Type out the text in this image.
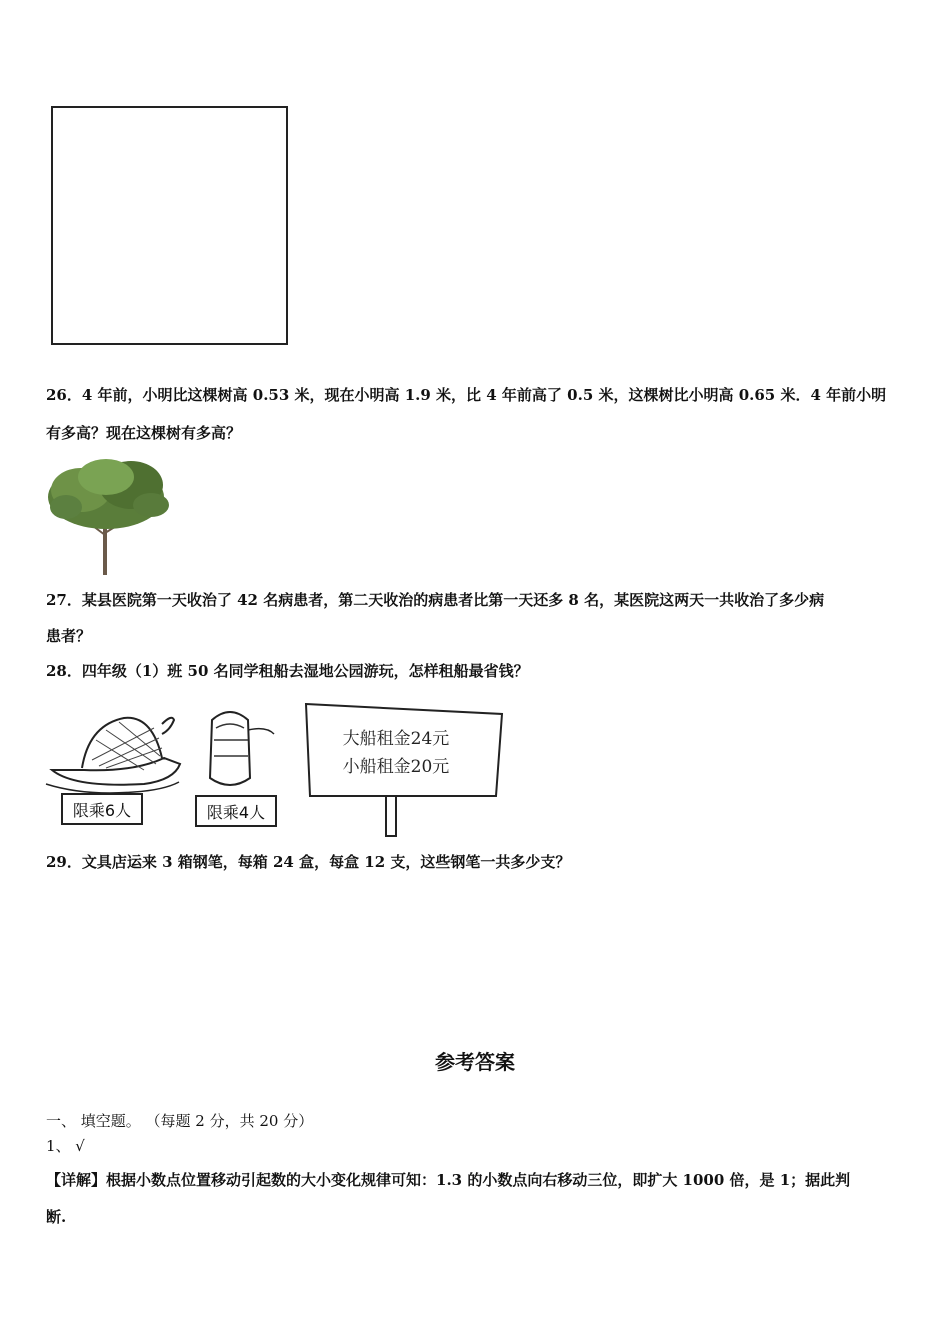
26．4 年前，小明比这棵树高 0.53 米，现在小明高 1.9 米，比 4 年前高了 0.5 米，这棵树比小明高 0.65 米．4 年前小明
有多高？现在这棵树有多高？
27．某县医院第一天收治了 42 名病患者，第二天收治的病患者比第一天还多 8 名，某医院这两天一共收治了多少病
患者？
28．四年级（1）班 50 名同学租船去湿地公园游玩，怎样租船最省钱？
限乘6人	限乘4人
大船租金24元
小船租金20元
29．文具店运来 3 箱钢笔，每箱 24 盒，每盒 12 支，这些钢笔一共多少支？
参考答案
一、 填空题。 （每题 2 分，共 20 分）
1、 √
【详解】根据小数点位置移动引起数的大小变化规律可知：1.3 的小数点向右移动三位，即扩大 1000 倍，是 1；据此判
断.
